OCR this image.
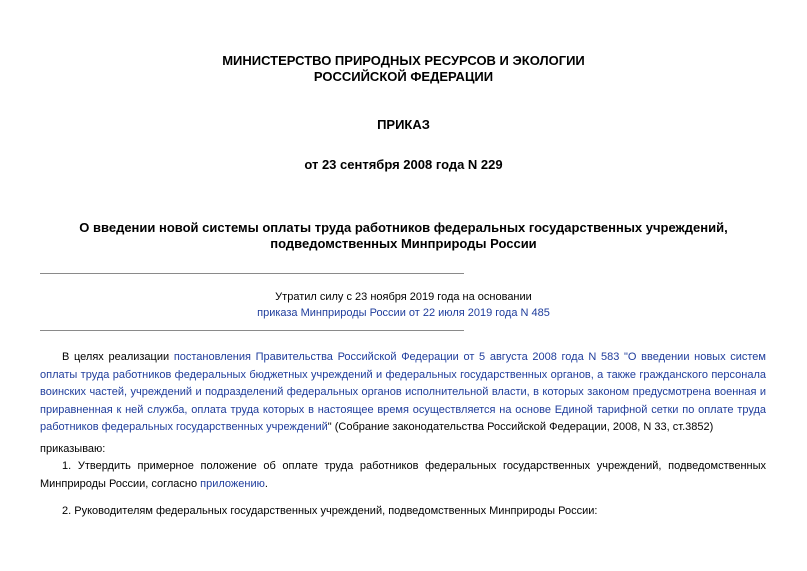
МИНИСТЕРСТВО ПРИРОДНЫХ РЕСУРСОВ И ЭКОЛОГИИ
РОССИЙСКОЙ ФЕДЕРАЦИИ
ПРИКАЗ
от 23 сентября 2008 года N 229
О введении новой системы оплаты труда работников федеральных государственных учреждений,
подведомственных Минприроды России
Утратил силу с 23 ноября 2019 года на основании
приказа Минприроды России от 22 июля 2019 года N 485
В целях реализации постановления Правительства Российской Федерации от 5 августа 2008 года N 583 "О введении новых систем оплаты труда работников федеральных бюджетных учреждений и федеральных государственных органов, а также гражданского персонала воинских частей, учреждений и подразделений федеральных органов исполнительной власти, в которых законом предусмотрена военная и приравненная к ней служба, оплата труда которых в настоящее время осуществляется на основе Единой тарифной сетки по оплате труда работников федеральных государственных учреждений" (Собрание законодательства Российской Федерации, 2008, N 33, ст.3852)
приказываю:
1. Утвердить примерное положение об оплате труда работников федеральных государственных учреждений, подведомственных Минприроды России, согласно приложению.
2. Руководителям федеральных государственных учреждений, подведомственных Минприроды России:
